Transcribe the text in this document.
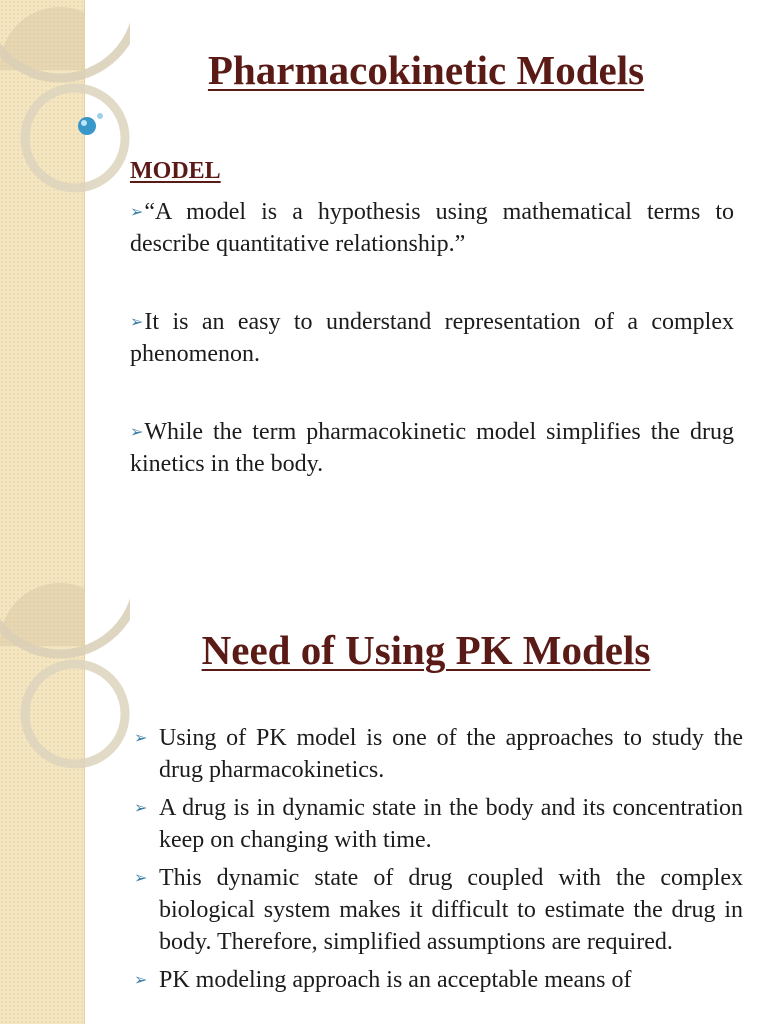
Pharmacokinetic Models
MODEL

➢“A model is a hypothesis using mathematical terms to describe quantitative relationship.”

➢It is an easy to understand representation of a complex phenomenon.

➢While the term pharmacokinetic model simplifies the drug kinetics in the body.

Need of Using PK Models
➢ Using of PK model is one of the approaches to study the drug pharmacokinetics.
➢ A drug is in dynamic state in the body and its concentration keep on changing with time.
➢ This dynamic state of drug coupled with the complex biological system makes it difficult to estimate the drug in body. Therefore, simplified assumptions are required.
➢ PK modeling approach is an acceptable means of
